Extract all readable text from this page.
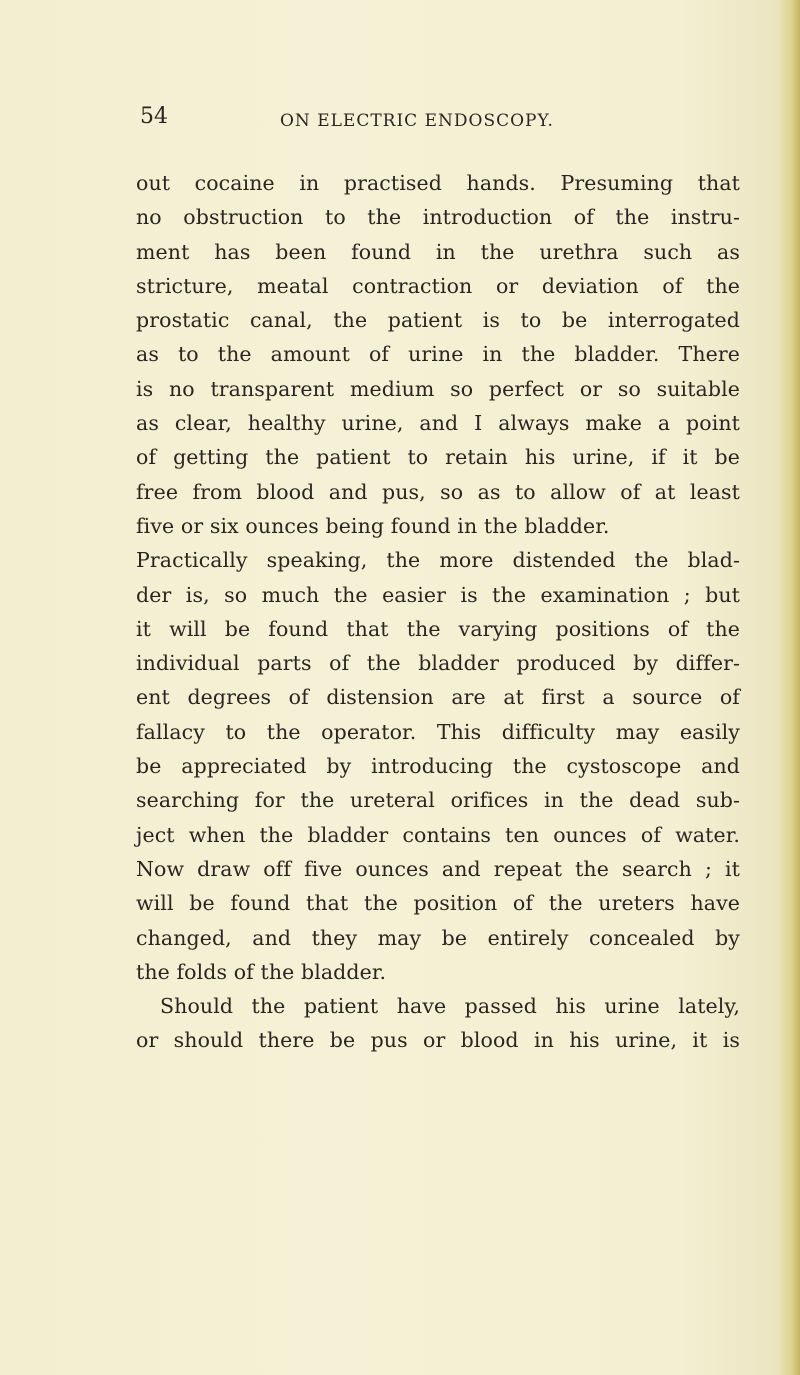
54	ON ELECTRIC ENDOSCOPY.
out cocaine in practised hands. Presuming that
no obstruction to the introduction of the instru-
ment has been found in the urethra such as
stricture, meatal contraction or deviation of the
prostatic canal, the patient is to be interrogated
as to the amount of urine in the bladder. There
is no transparent medium so perfect or so suitable
as clear, healthy urine, and I always make a point
of getting the patient to retain his urine, if it be
free from blood and pus, so as to allow of at least
five or six ounces being found in the bladder.
Practically speaking, the more distended the blad-
der is, so much the easier is the examination ; but
it will be found that the varying positions of the
individual parts of the bladder produced by differ-
ent degrees of distension are at first a source of
fallacy to the operator. This difficulty may easily
be appreciated by introducing the cystoscope and
searching for the ureteral orifices in the dead sub-
ject when the bladder contains ten ounces of water.
Now draw off five ounces and repeat the search ; it
will be found that the position of the ureters have
changed, and they may be entirely concealed by
the folds of the bladder.
Should the patient have passed his urine lately,
or should there be pus or blood in his urine, it is
